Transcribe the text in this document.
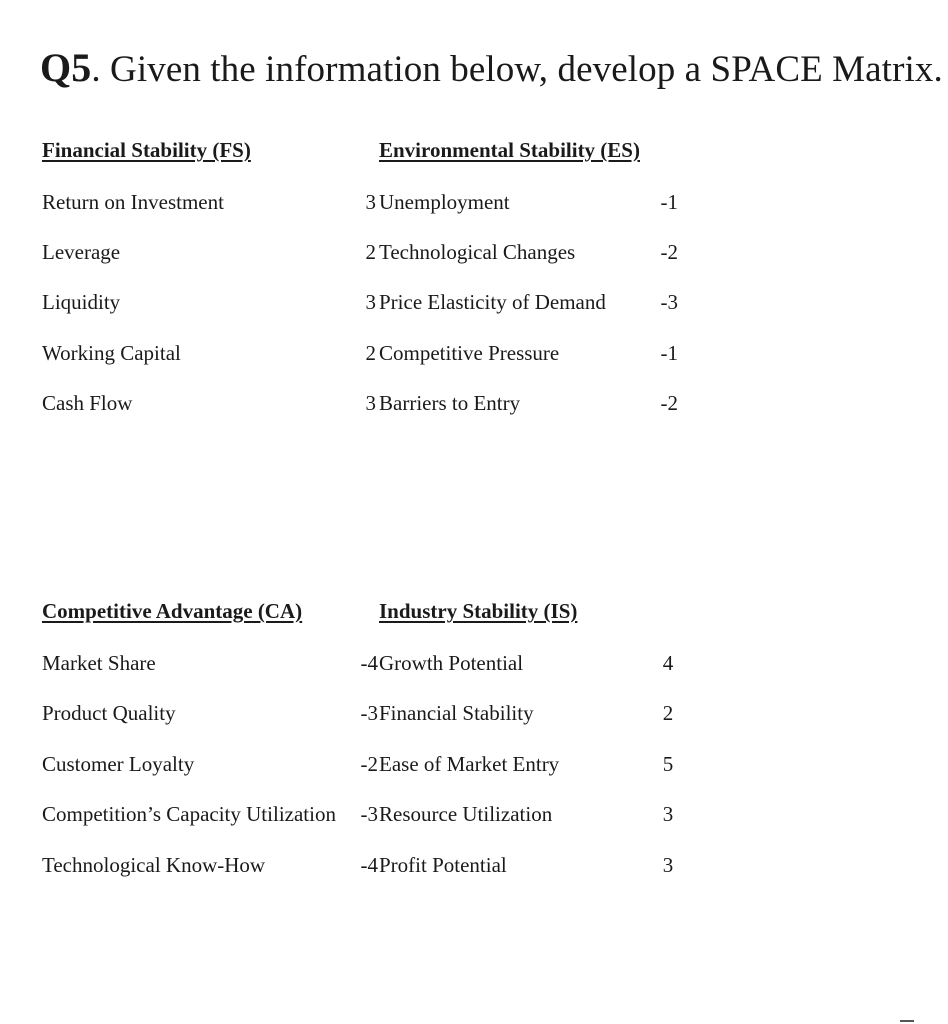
Q5. Given the information below, develop a SPACE Matrix.
Financial Stability (FS)	Environmental Stability (ES)
Return on Investment	3 Unemployment	-1
Leverage	2 Technological Changes	-2
Liquidity	3 Price Elasticity of Demand	-3
Working Capital	2 Competitive Pressure	-1
Cash Flow	3 Barriers to Entry	-2
Competitive Advantage (CA)	Industry Stability (IS)
Market Share	-4 Growth Potential	4
Product Quality	-3 Financial Stability	2
Customer Loyalty	-2 Ease of Market Entry	5
Competition’s Capacity Utilization -3 Resource Utilization	3
Technological Know-How	-4 Profit Potential	3
